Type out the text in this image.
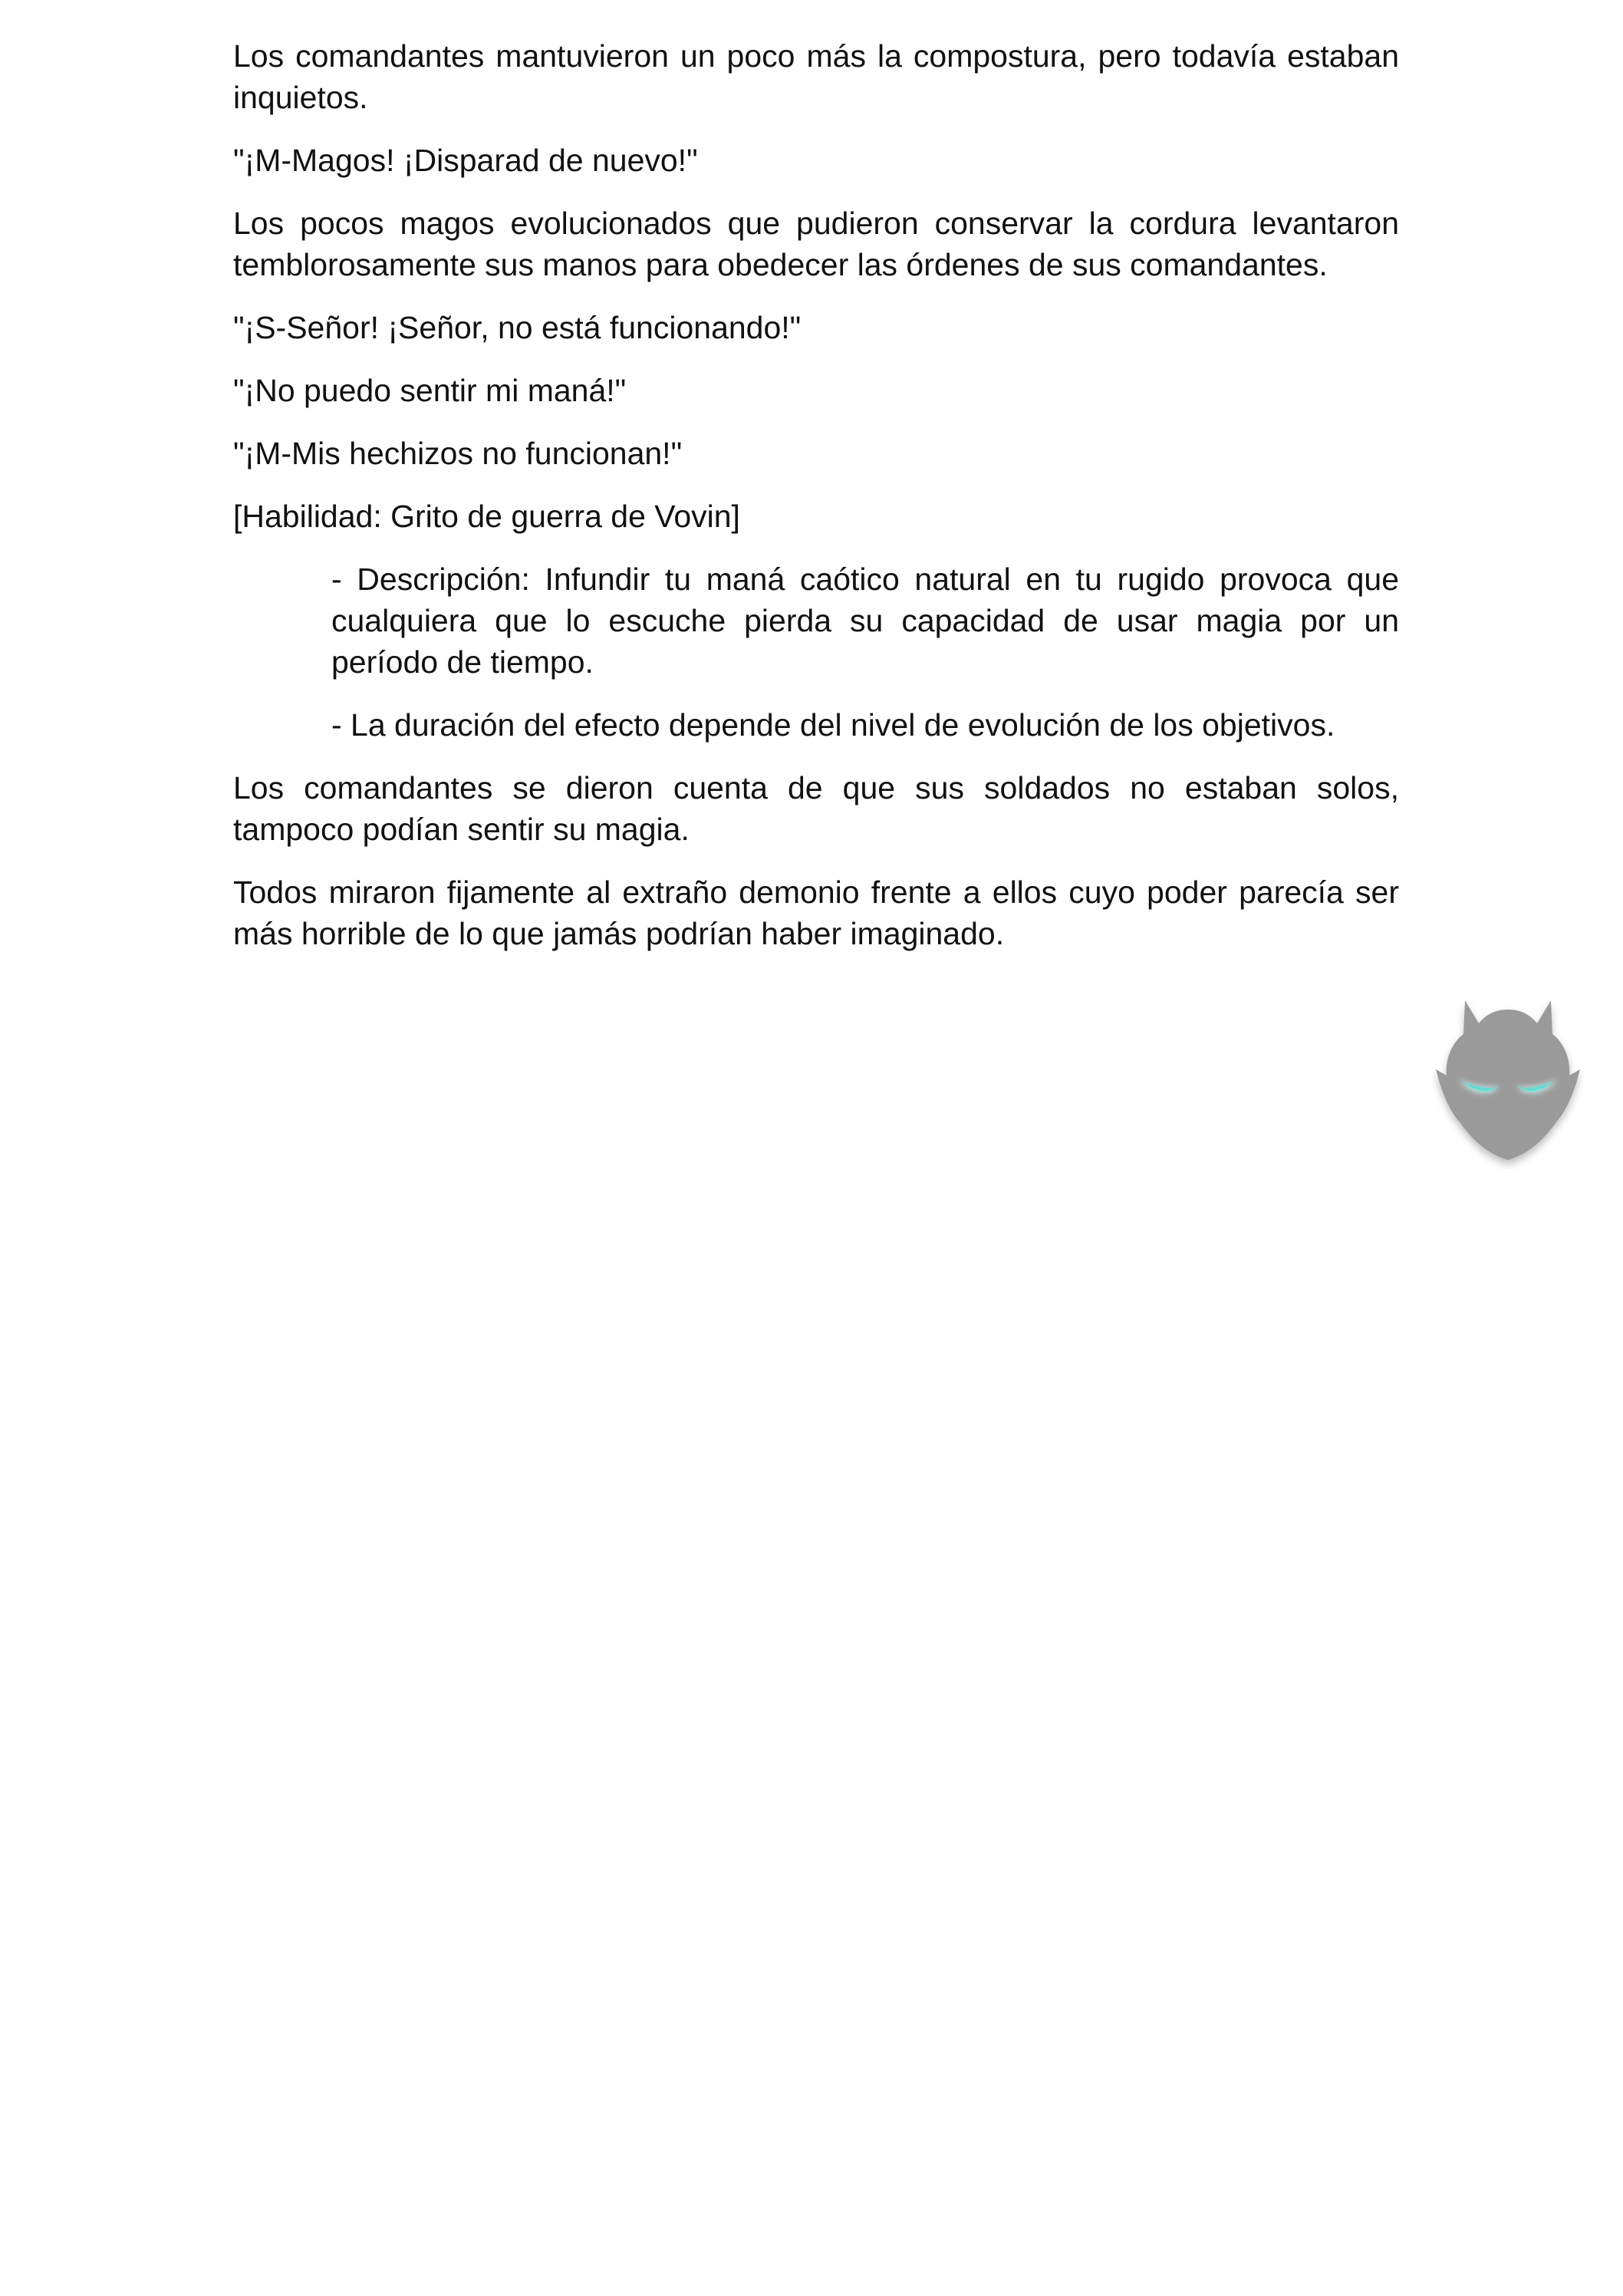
Los comandantes mantuvieron un poco más la compostura, pero todavía estaban inquietos.

"¡M-Magos! ¡Disparad de nuevo!"

Los pocos magos evolucionados que pudieron conservar la cordura levantaron temblorosamente sus manos para obedecer las órdenes de sus comandantes.

"¡S-Señor! ¡Señor, no está funcionando!"

"¡No puedo sentir mi maná!"

"¡M-Mis hechizos no funcionan!"

[Habilidad: Grito de guerra de Vovin]

- Descripción: Infundir tu maná caótico natural en tu rugido provoca que cualquiera que lo escuche pierda su capacidad de usar magia por un período de tiempo.

- La duración del efecto depende del nivel de evolución de los objetivos.

Los comandantes se dieron cuenta de que sus soldados no estaban solos, tampoco podían sentir su magia.

Todos miraron fijamente al extraño demonio frente a ellos cuyo poder parecía ser más horrible de lo que jamás podrían haber imaginado.
